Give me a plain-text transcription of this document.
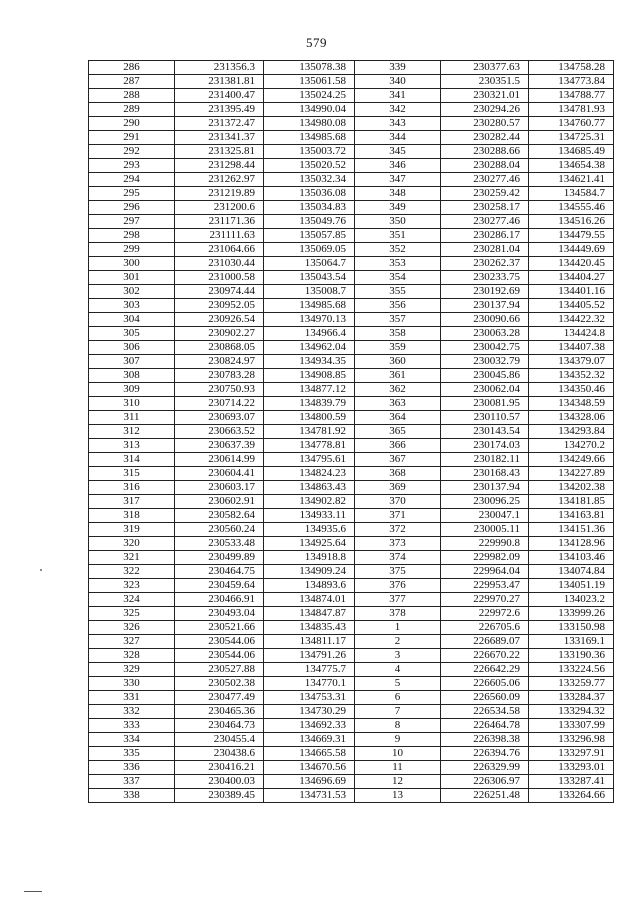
579
286	231356.3	135078.38	339	230377.63	134758.28
287	231381.81	135061.58	340	230351.5	134773.84
288	231400.47	135024.25	341	230321.01	134788.77
289	231395.49	134990.04	342	230294.26	134781.93
290	231372.47	134980.08	343	230280.57	134760.77
291	231341.37	134985.68	344	230282.44	134725.31
292	231325.81	135003.72	345	230288.66	134685.49
293	231298.44	135020.52	346	230288.04	134654.38
294	231262.97	135032.34	347	230277.46	134621.41
295	231219.89	135036.08	348	230259.42	134584.7
296	231200.6	135034.83	349	230258.17	134555.46
297	231171.36	135049.76	350	230277.46	134516.26
298	231111.63	135057.85	351	230286.17	134479.55
299	231064.66	135069.05	352	230281.04	134449.69
300	231030.44	135064.7	353	230262.37	134420.45
301	231000.58	135043.54	354	230233.75	134404.27
302	230974.44	135008.7	355	230192.69	134401.16
303	230952.05	134985.68	356	230137.94	134405.52
304	230926.54	134970.13	357	230090.66	134422.32
305	230902.27	134966.4	358	230063.28	134424.8
306	230868.05	134962.04	359	230042.75	134407.38
307	230824.97	134934.35	360	230032.79	134379.07
308	230783.28	134908.85	361	230045.86	134352.32
309	230750.93	134877.12	362	230062.04	134350.46
310	230714.22	134839.79	363	230081.95	134348.59
311	230693.07	134800.59	364	230110.57	134328.06
312	230663.52	134781.92	365	230143.54	134293.84
313	230637.39	134778.81	366	230174.03	134270.2
314	230614.99	134795.61	367	230182.11	134249.66
315	230604.41	134824.23	368	230168.43	134227.89
316	230603.17	134863.43	369	230137.94	134202.38
317	230602.91	134902.82	370	230096.25	134181.85
318	230582.64	134933.11	371	230047.1	134163.81
319	230560.24	134935.6	372	230005.11	134151.36
320	230533.48	134925.64	373	229990.8	134128.96
321	230499.89	134918.8	374	229982.09	134103.46
322	230464.75	134909.24	375	229964.04	134074.84
323	230459.64	134893.6	376	229953.47	134051.19
324	230466.91	134874.01	377	229970.27	134023.2
325	230493.04	134847.87	378	229972.6	133999.26
326	230521.66	134835.43	1	226705.6	133150.98
327	230544.06	134811.17	2	226689.07	133169.1
328	230544.06	134791.26	3	226670.22	133190.36
329	230527.88	134775.7	4	226642.29	133224.56
330	230502.38	134770.1	5	226605.06	133259.77
331	230477.49	134753.31	6	226560.09	133284.37
332	230465.36	134730.29	7	226534.58	133294.32
333	230464.73	134692.33	8	226464.78	133307.99
334	230455.4	134669.31	9	226398.38	133296.98
335	230438.6	134665.58	10	226394.76	133297.91
336	230416.21	134670.56	11	226329.99	133293.01
337	230400.03	134696.69	12	226306.97	133287.41
338	230389.45	134731.53	13	226251.48	133264.66
